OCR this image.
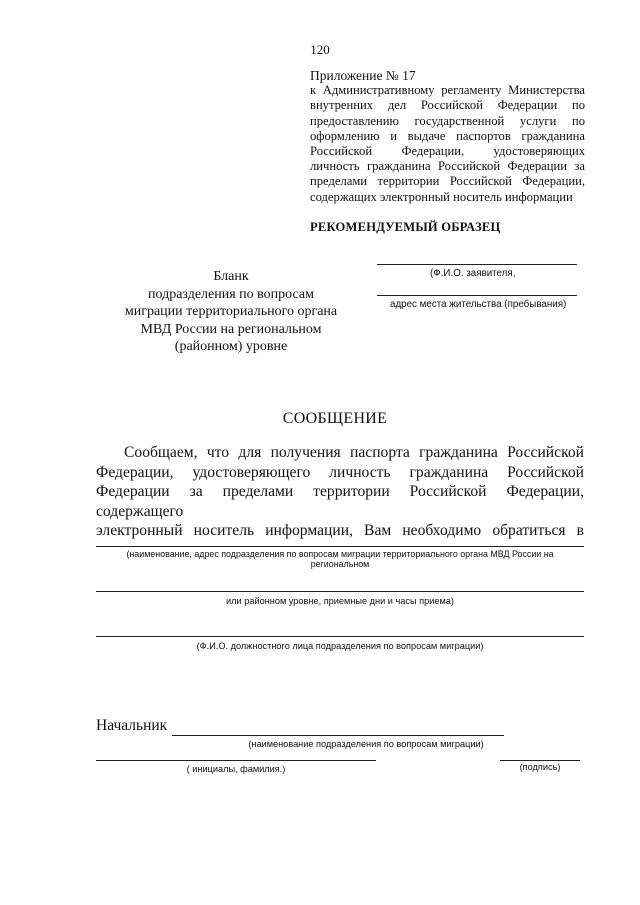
120
Приложение № 17
к Административному регламенту Министерства
внутренних дел Российской Федерации по
предоставлению государственной услуги по
оформлению и выдаче паспортов гражданина
Российской Федерации, удостоверяющих
личность гражданина Российской Федерации за
пределами территории Российской Федерации,
содержащих электронный носитель информации
РЕКОМЕНДУЕМЫЙ ОБРАЗЕЦ
Бланк
подразделения по вопросам
миграции территориального органа
МВД России на региональном
(районном) уровне
(Ф.И.О. заявителя,
адрес места жительства (пребывания)
СООБЩЕНИЕ
Сообщаем, что для получения паспорта гражданина Российской
Федерации, удостоверяющего личность гражданина Российской
Федерации за пределами территории Российской Федерации, содержащего
электронный носитель информации, Вам необходимо обратиться в
(наименование, адрес подразделения по вопросам миграции территориального органа МВД России на региональном
или районном уровне, приемные дни и часы приема)
(Ф.И.О. должностного лица подразделения по вопросам миграции)
Начальник
(наименование подразделения по вопросам миграции)
( инициалы, фамилия.)	(подпись)
